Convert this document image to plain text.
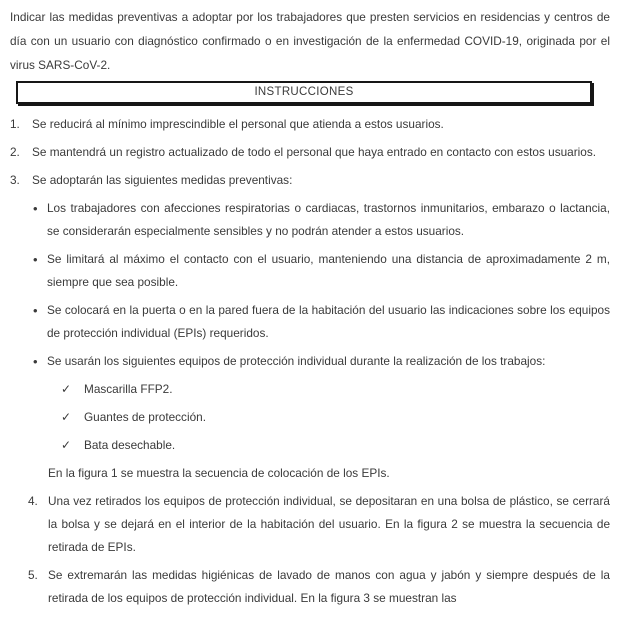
Indicar las medidas preventivas a adoptar por los trabajadores que presten servicios en residencias y centros de día con un usuario con diagnóstico confirmado o en investigación de la enfermedad COVID-19, originada por el virus SARS-CoV-2.

INSTRUCCIONES
1. Se reducirá al mínimo imprescindible el personal que atienda a estos usuarios.
2. Se mantendrá un registro actualizado de todo el personal que haya entrado en contacto con estos usuarios.
3. Se adoptarán las siguientes medidas preventivas:
• Los trabajadores con afecciones respiratorias o cardiacas, trastornos inmunitarios, embarazo o lactancia, se considerarán especialmente sensibles y no podrán atender a estos usuarios.
• Se limitará al máximo el contacto con el usuario, manteniendo una distancia de aproximadamente 2 m, siempre que sea posible.
• Se colocará en la puerta o en la pared fuera de la habitación del usuario las indicaciones sobre los equipos de protección individual (EPIs) requeridos.
• Se usarán los siguientes equipos de protección individual durante la realización de los trabajos:
✓ Mascarilla FFP2.
✓ Guantes de protección.
✓ Bata desechable.

En la figura 1 se muestra la secuencia de colocación de los EPIs.

4. Una vez retirados los equipos de protección individual, se depositaran en una bolsa de plástico, se cerrará la bolsa y se dejará en el interior de la habitación del usuario. En la figura 2 se muestra la secuencia de retirada de EPIs.
5. Se extremarán las medidas higiénicas de lavado de manos con agua y jabón y siempre después de la retirada de los equipos de protección individual. En la figura 3 se muestran las
